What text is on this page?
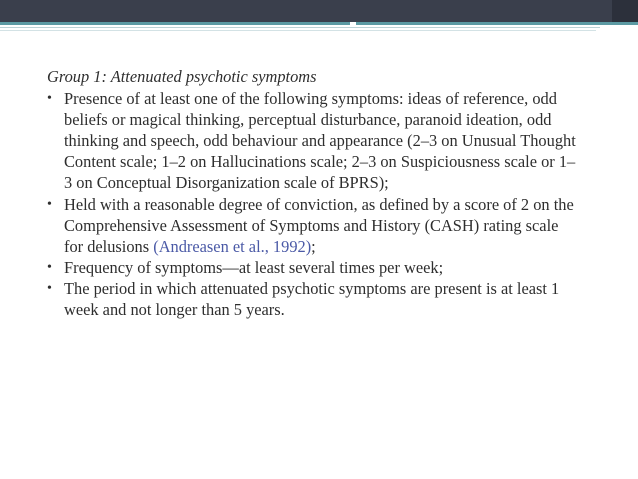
Group 1: Attenuated psychotic symptoms
• Presence of at least one of the following symptoms: ideas of reference, odd beliefs or magical thinking, perceptual disturbance, paranoid ideation, odd thinking and speech, odd behaviour and appearance (2–3 on Unusual Thought Content scale; 1–2 on Hallucinations scale; 2–3 on Suspiciousness scale or 1–3 on Conceptual Disorganization scale of BPRS);
• Held with a reasonable degree of conviction, as defined by a score of 2 on the Comprehensive Assessment of Symptoms and History (CASH) rating scale for delusions (Andreasen et al., 1992);
• Frequency of symptoms—at least several times per week;
• The period in which attenuated psychotic symptoms are present is at least 1 week and not longer than 5 years.
